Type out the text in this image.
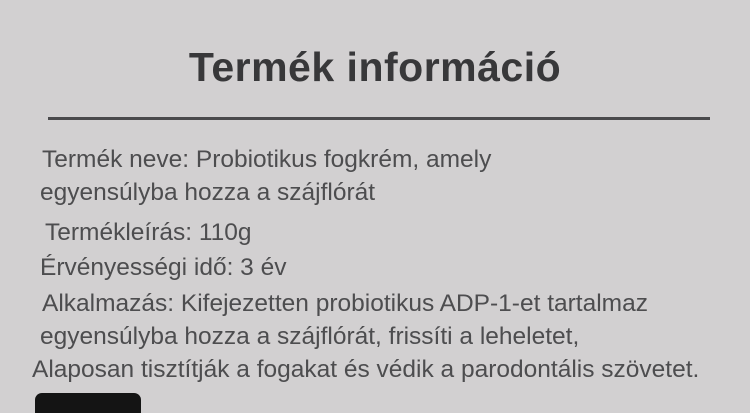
Termék információ
Termék neve: Probiotikus fogkrém, amely
egyensúlyba hozza a szájflórát
Termékleírás: 110g
Érvényességi idő: 3 év
Alkalmazás: Kifejezetten probiotikus ADP-1-et tartalmaz
egyensúlyba hozza a szájflórát, frissíti a leheletet,
Alaposan tisztítják a fogakat és védik a parodontális szövetet.
